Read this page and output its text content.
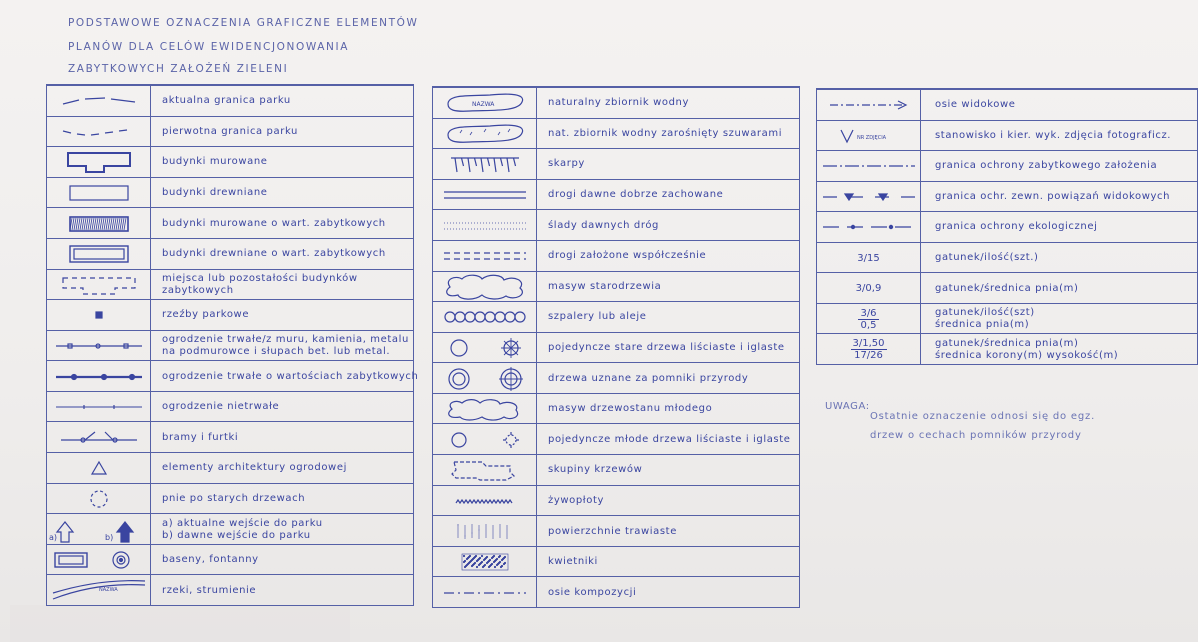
PODSTAWOWE OZNACZENIA GRAFICZNE ELEMENTÓW
PLANÓW DLA CELÓW EWIDENCJONOWANIA
ZABYTKOWYCH ZAŁOŻEŃ ZIELENI
aktualna granica parku
pierwotna granica parku
budynki murowane
budynki drewniane
budynki murowane o wart. zabytkowych
budynki drewniane o wart. zabytkowych
miejsca lub pozostałości budynków
zabytkowych
rzeźby parkowe
ogrodzenie trwałe/z muru, kamienia, metalu
na podmurowce i słupach bet. lub metal.
ogrodzenie trwałe o wartościach zabytkowych
ogrodzenie nietrwałe
bramy i furtki
elementy architektury ogrodowej
pnie po starych drzewach
a)	b)
a) aktualne wejście do parku
b) dawne wejście do parku
baseny, fontanny
NAZWA	rzeki, strumienie
NAZWA	naturalny zbiornik wodny
nat. zbiornik wodny zarośnięty szuwarami
skarpy
drogi dawne dobrze zachowane
ślady dawnych dróg
drogi założone współcześnie
masyw starodrzewia
szpalery lub aleje
pojedyncze stare drzewa liściaste i iglaste
drzewa uznane za pomniki przyrody
masyw drzewostanu młodego
pojedyncze młode drzewa liściaste i iglaste
skupiny krzewów
żywopłoty
powierzchnie trawiaste
kwietniki
osie kompozycji
osie widokowe
NR ZDJĘCIA	stanowisko i kier. wyk. zdjęcia fotograficz.
granica ochrony zabytkowego założenia
granica ochr. zewn. powiązań widokowych
granica ochrony ekologicznej
3/15	gatunek/ilość(szt.)
3/0,9	gatunek/średnica pnia(m)
$\frac{3/6}{0,5}$	gatunek/ilość(szt)
średnica pnia(m)
$\frac{3/1,50}{17/26}$	gatunek/średnica pnia(m)
średnica korony(m) wysokość(m)
UWAGA:
Ostatnie oznaczenie odnosi się do egz.
drzew o cechach pomników przyrody
